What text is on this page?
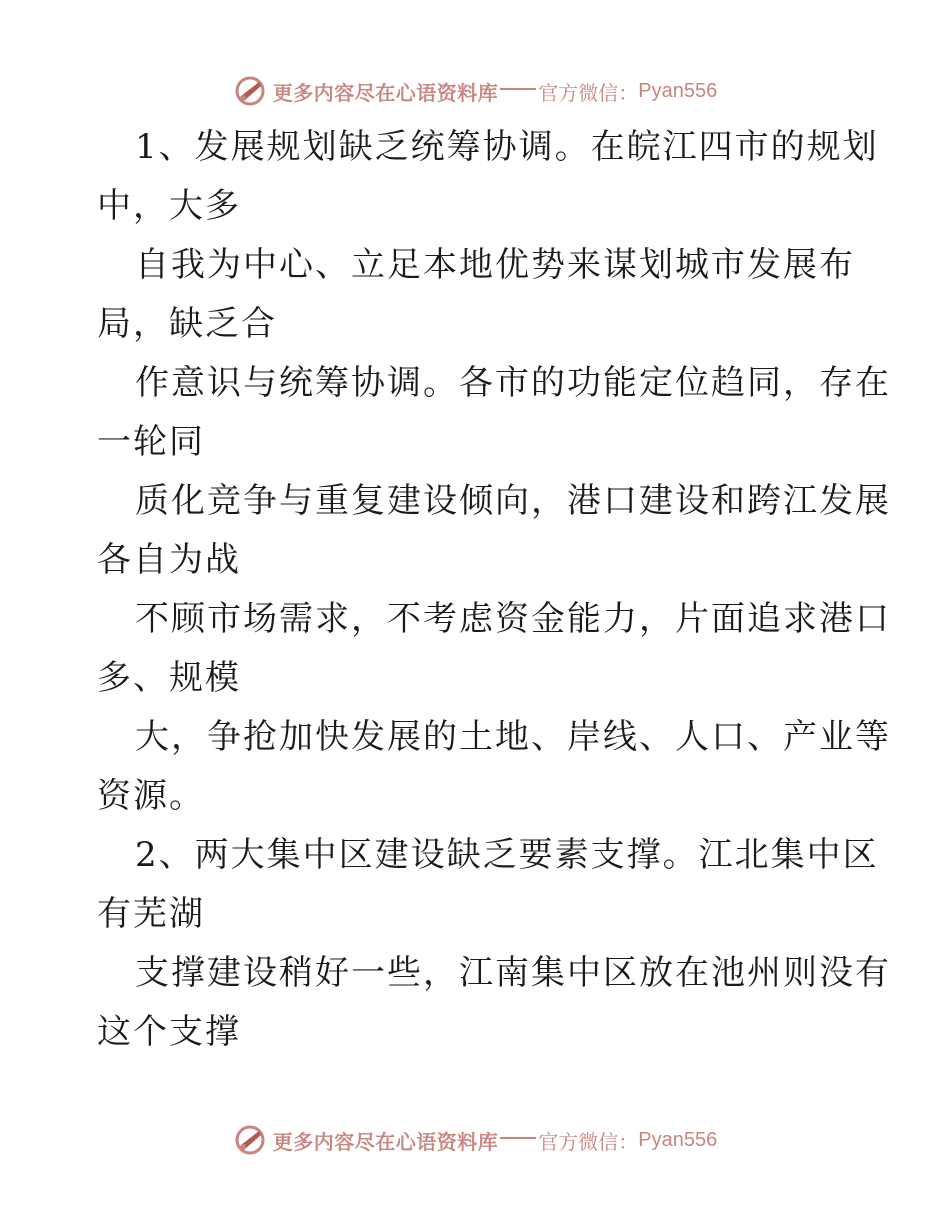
更多内容尽在心语资料库 官方微信： Pyan556
1、发展规划缺乏统筹协调。在皖江四市的规划
中，大多
自我为中心、立足本地优势来谋划城市发展布
局，缺乏合
作意识与统筹协调。各市的功能定位趋同，存在
一轮同
质化竞争与重复建设倾向，港口建设和跨江发展
各自为战
不顾市场需求，不考虑资金能力，片面追求港口
多、规模
大，争抢加快发展的土地、岸线、人口、产业等
资源。
2、两大集中区建设缺乏要素支撑。江北集中区
有芜湖
支撑建设稍好一些，江南集中区放在池州则没有
这个支撑
更多内容尽在心语资料库 官方微信： Pyan556
